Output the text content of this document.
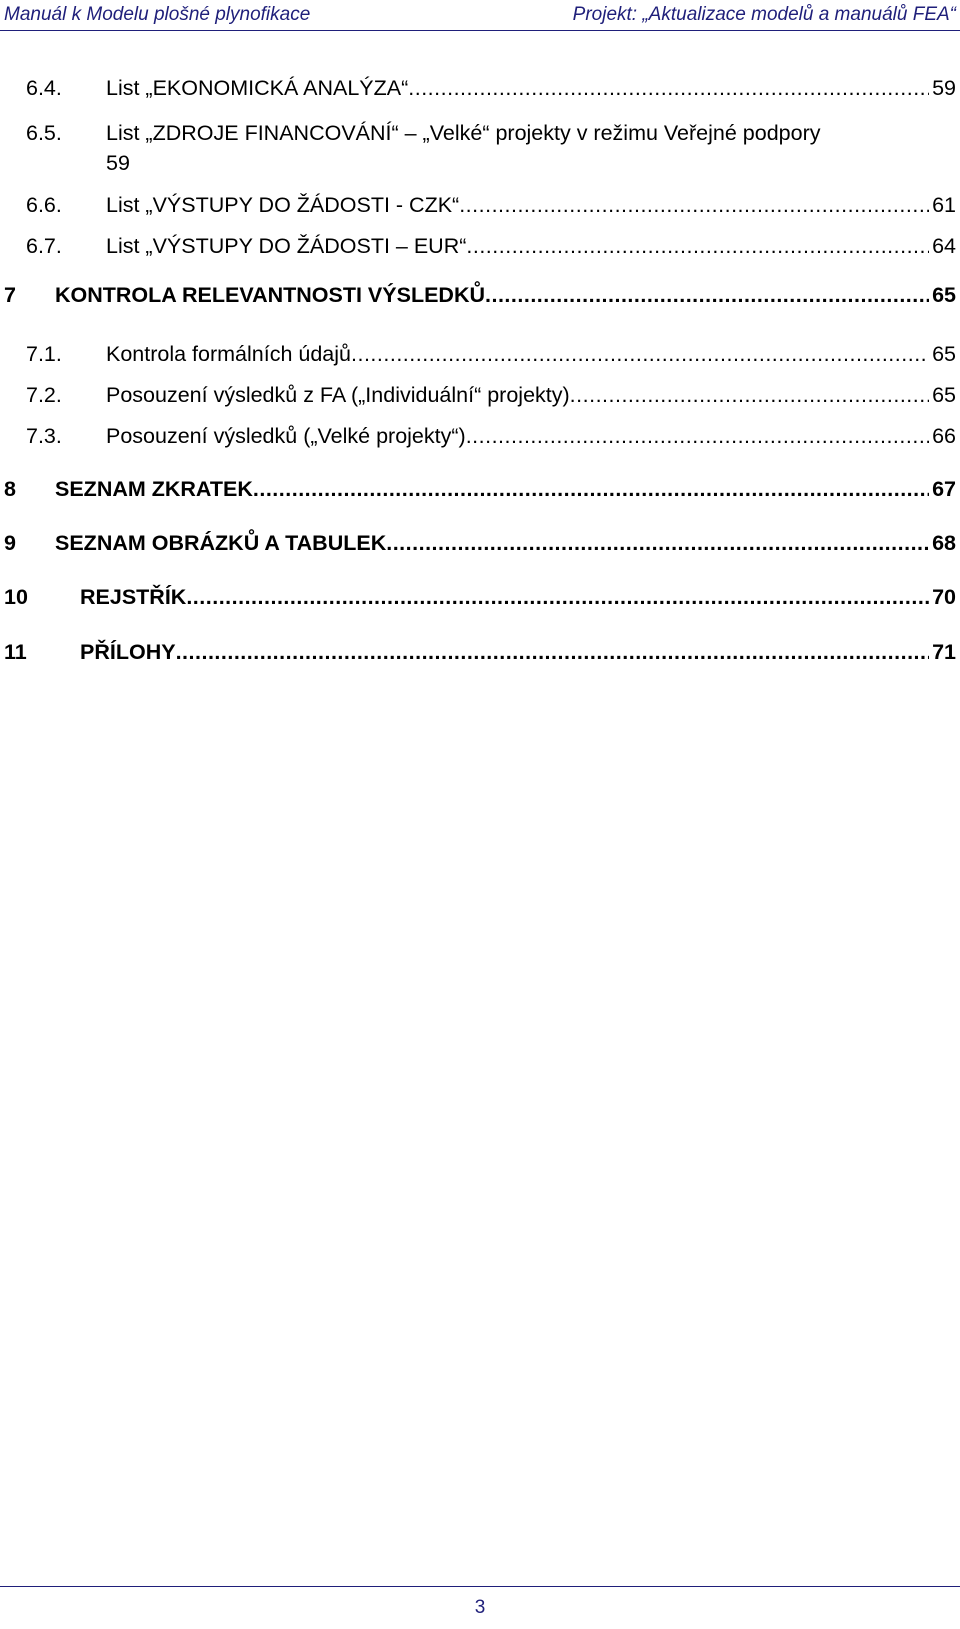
Manuál k Modelu plošné plynofikace	Projekt: „Aktualizace modelů a manuálů FEA“
6.4. List „EKONOMICKÁ ANALÝZA“ .....	59
6.5. List „ZDROJE FINANCOVÁNÍ“ – „Velké“ projekty v režimu Veřejné podpory
59
6.6. List „VÝSTUPY DO ŽÁDOSTI - CZK“ .....	61
6.7. List „VÝSTUPY DO ŽÁDOSTI – EUR“ .....	64
7 KONTROLA RELEVANTNOSTI VÝSLEDKŮ .....	65
7.1. Kontrola formálních údajů .....	65
7.2. Posouzení výsledků z FA („Individuální“ projekty) .....	65
7.3. Posouzení výsledků („Velké projekty“) .....	66
8 SEZNAM ZKRATEK .....	67
9 SEZNAM OBRÁZKŮ A TABULEK .....	68
10 REJSTŘÍK .....	70
11 PŘÍLOHY .....	71
3
